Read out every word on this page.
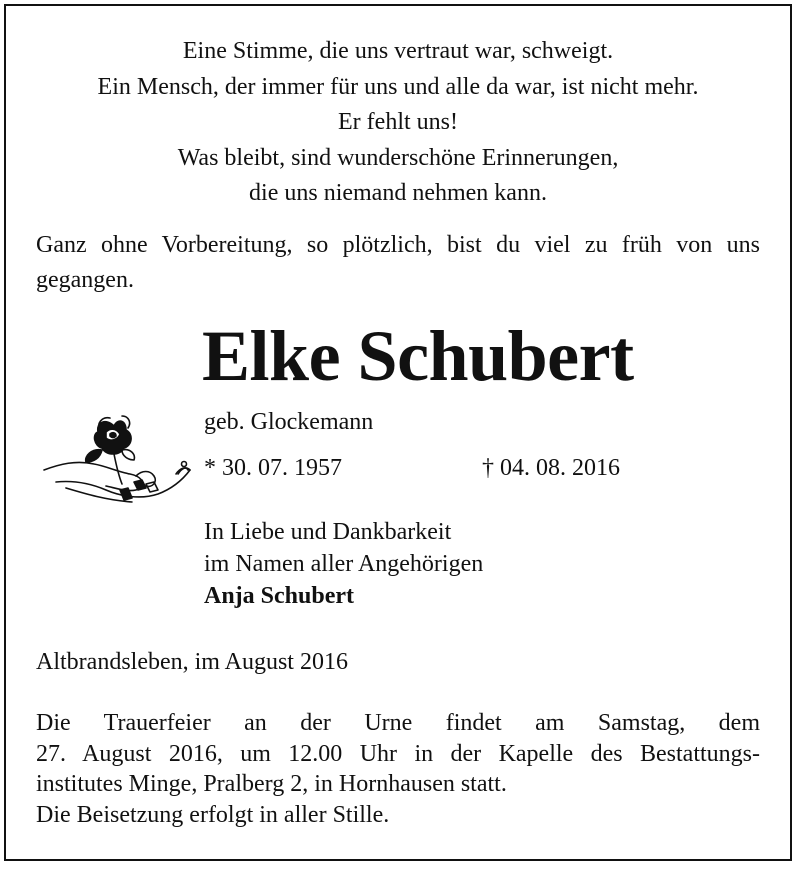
Eine Stimme, die uns vertraut war, schweigt.
Ein Mensch, der immer für uns und alle da war, ist nicht mehr.
Er fehlt uns!
Was bleibt, sind wunderschöne Erinnerungen,
die uns niemand nehmen kann.
Ganz ohne Vorbereitung, so plötzlich, bist du viel zu früh von uns gegangen.
Elke Schubert
geb. Glockemann
* 30. 07. 1957	† 04. 08. 2016
In Liebe und Dankbarkeit
im Namen aller Angehörigen
Anja Schubert
Altbrandsleben, im August 2016
Die Trauerfeier an der Urne findet am Samstag, dem
27. August 2016, um 12.00 Uhr in der Kapelle des Bestattungs-
institutes Minge, Pralberg 2, in Hornhausen statt.
Die Beisetzung erfolgt in aller Stille.
